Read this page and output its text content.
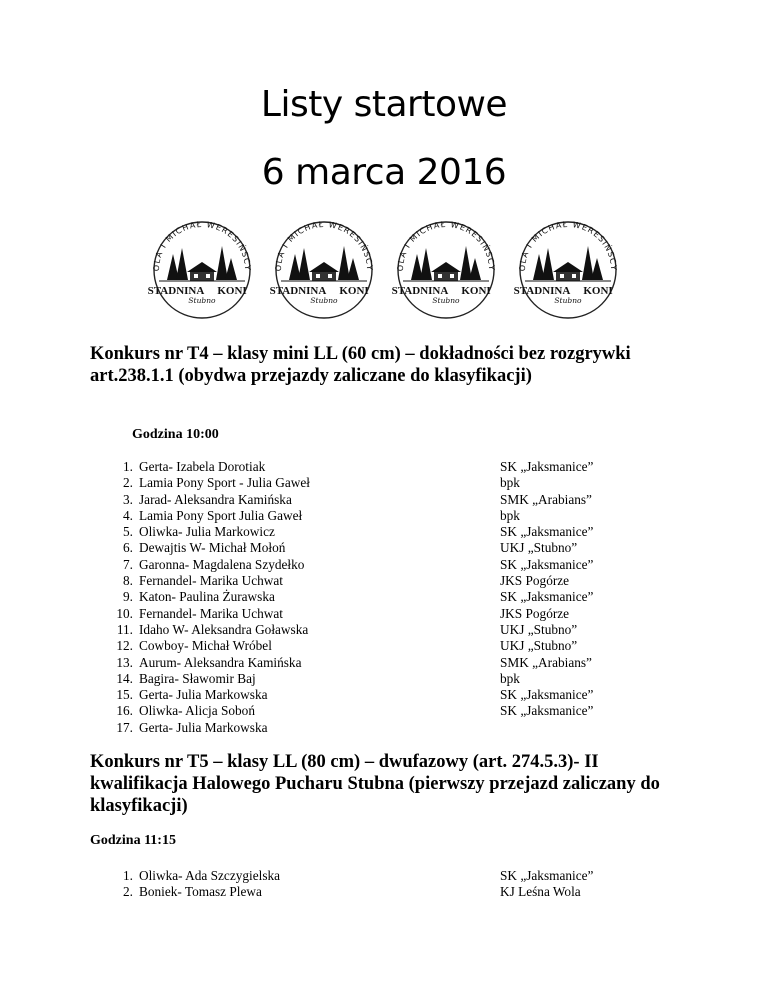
Listy startowe
6 marca 2016
OLA I MICHAŁ WERESIŃSCY
STADNINA KONI
Stubno
OLA I MICHAŁ WERESIŃSCY
STADNINA KONI
Stubno
OLA I MICHAŁ WERESIŃSCY
STADNINA KONI
Stubno
OLA I MICHAŁ WERESIŃSCY
STADNINA KONI
Stubno
Konkurs nr T4 – klasy mini LL (60 cm) – dokładności bez rozgrywki art.238.1.1 (obydwa przejazdy zaliczane do klasyfikacji)
Godzina 10:00
1. Gerta- Izabela Dorotiak	SK „Jaksmanice”
2. Lamia Pony Sport - Julia Gaweł	bpk
3. Jarad- Aleksandra Kamińska	SMK „Arabians”
4. Lamia Pony Sport Julia Gaweł	bpk
5. Oliwka- Julia Markowicz	SK „Jaksmanice”
6. Dewajtis W- Michał Mołoń	UKJ „Stubno”
7. Garonna- Magdalena Szydełko	SK „Jaksmanice”
8. Fernandel- Marika Uchwat	JKS Pogórze
9. Katon- Paulina Żurawska	SK „Jaksmanice”
10. Fernandel- Marika Uchwat	JKS Pogórze
11. Idaho W- Aleksandra Goławska	UKJ „Stubno”
12. Cowboy- Michał Wróbel	UKJ „Stubno”
13. Aurum- Aleksandra Kamińska	SMK „Arabians”
14. Bagira- Sławomir Baj	bpk
15. Gerta- Julia Markowska	SK „Jaksmanice”
16. Oliwka- Alicja Soboń	SK „Jaksmanice”
17. Gerta- Julia Markowska
Konkurs nr T5 – klasy LL (80 cm) – dwufazowy (art. 274.5.3)- II kwalifikacja Halowego Pucharu Stubna (pierwszy przejazd zaliczany do klasyfikacji)
Godzina 11:15
1. Oliwka- Ada Szczygielska	SK „Jaksmanice”
2. Boniek- Tomasz Plewa	KJ Leśna Wola
